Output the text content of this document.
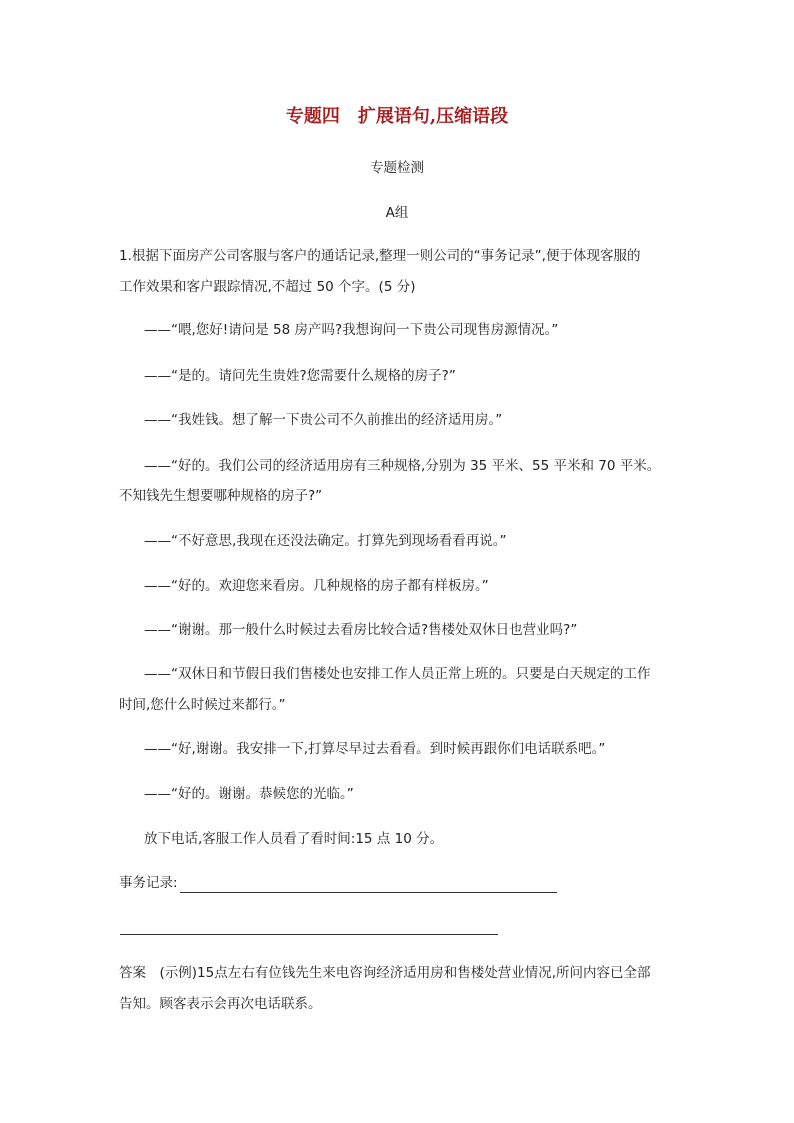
专题四　扩展语句,压缩语段
专题检测
A组
1.根据下面房产公司客服与客户的通话记录,整理一则公司的“事务记录”,便于体现客服的
工作效果和客户跟踪情况,不超过 50 个字。(5 分)
——“喂,您好!请问是 58 房产吗?我想询问一下贵公司现售房源情况。”
——“是的。请问先生贵姓?您需要什么规格的房子?”
——“我姓钱。想了解一下贵公司不久前推出的经济适用房。”
——“好的。我们公司的经济适用房有三种规格,分别为 35 平米、55 平米和 70 平米。
不知钱先生想要哪种规格的房子?”
——“不好意思,我现在还没法确定。打算先到现场看看再说。”
——“好的。欢迎您来看房。几种规格的房子都有样板房。”
——“谢谢。那一般什么时候过去看房比较合适?售楼处双休日也营业吗?”
——“双休日和节假日我们售楼处也安排工作人员正常上班的。只要是白天规定的工作
时间,您什么时候过来都行。”
——“好,谢谢。我安排一下,打算尽早过去看看。到时候再跟你们电话联系吧。”
——“好的。谢谢。恭候您的光临。”
放下电话,客服工作人员看了看时间:15 点 10 分。
事务记录:
答案　(示例)15点左右有位钱先生来电咨询经济适用房和售楼处营业情况,所问内容已全部
告知。顾客表示会再次电话联系。
